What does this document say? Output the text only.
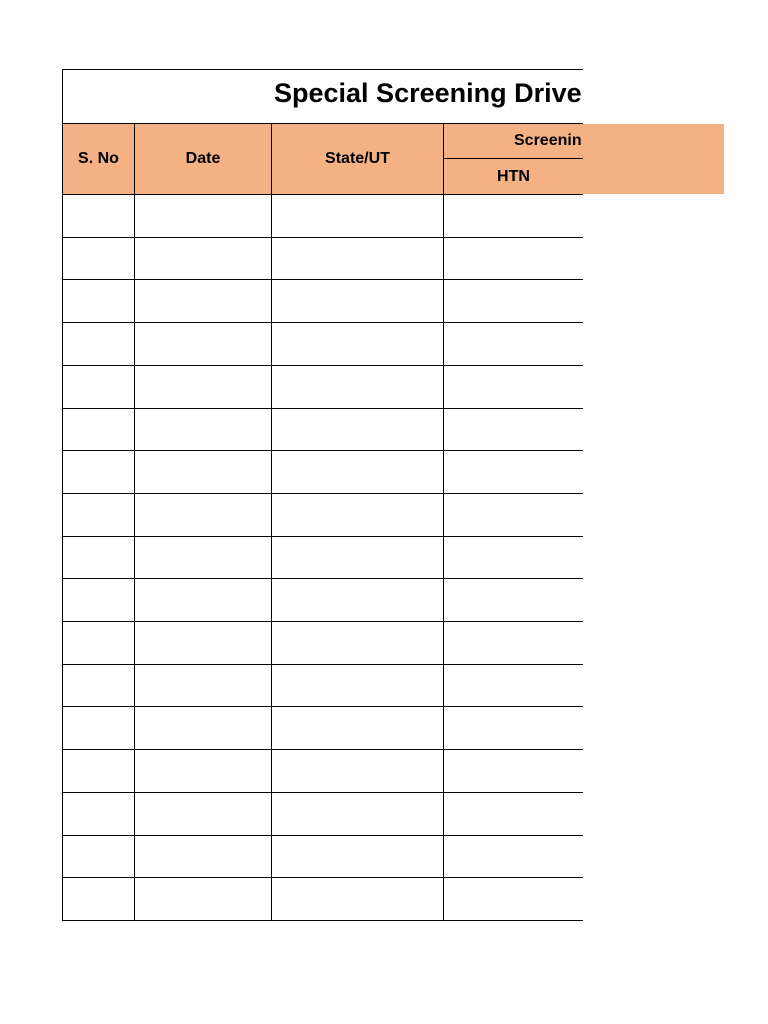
Special Screening Drive
S. No	Date	State/UT
Screenin
HTN
